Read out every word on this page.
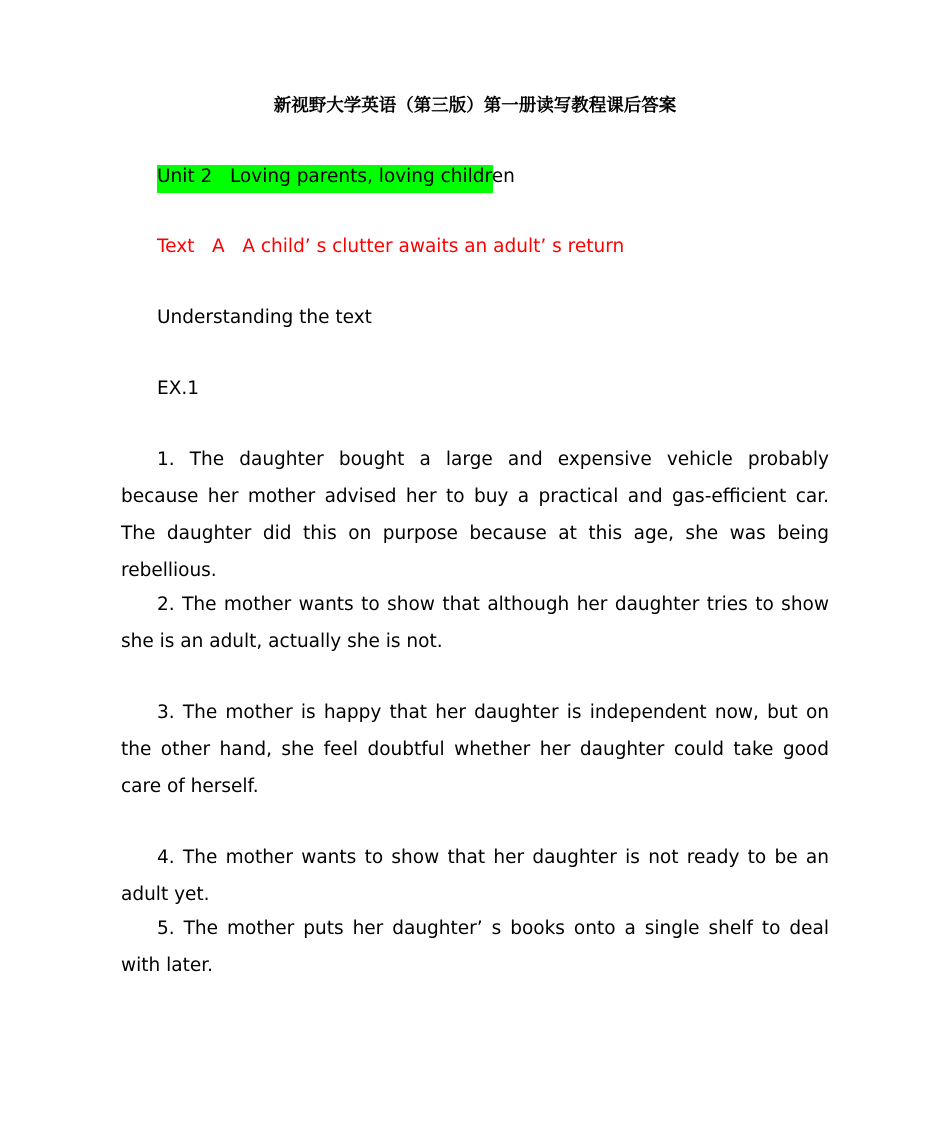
新视野大学英语（第三版）第一册读写教程课后答案
Unit 2   Loving parents, loving children
Text   A   A child’ s clutter awaits an adult’ s return
Understanding the text
EX.1
1. The daughter bought a large and expensive vehicle probably because her mother advised her to buy a practical and gas-efficient car. The daughter did this on purpose because at this age, she was being rebellious.
2. The mother wants to show that although her daughter tries to show she is an adult, actually she is not.
3. The mother is happy that her daughter is independent now, but on the other hand, she feel doubtful whether her daughter could take good care of herself.
4. The mother wants to show that her daughter is not ready to be an adult yet.
5. The mother puts her daughter’ s books onto a single shelf to deal with later.
